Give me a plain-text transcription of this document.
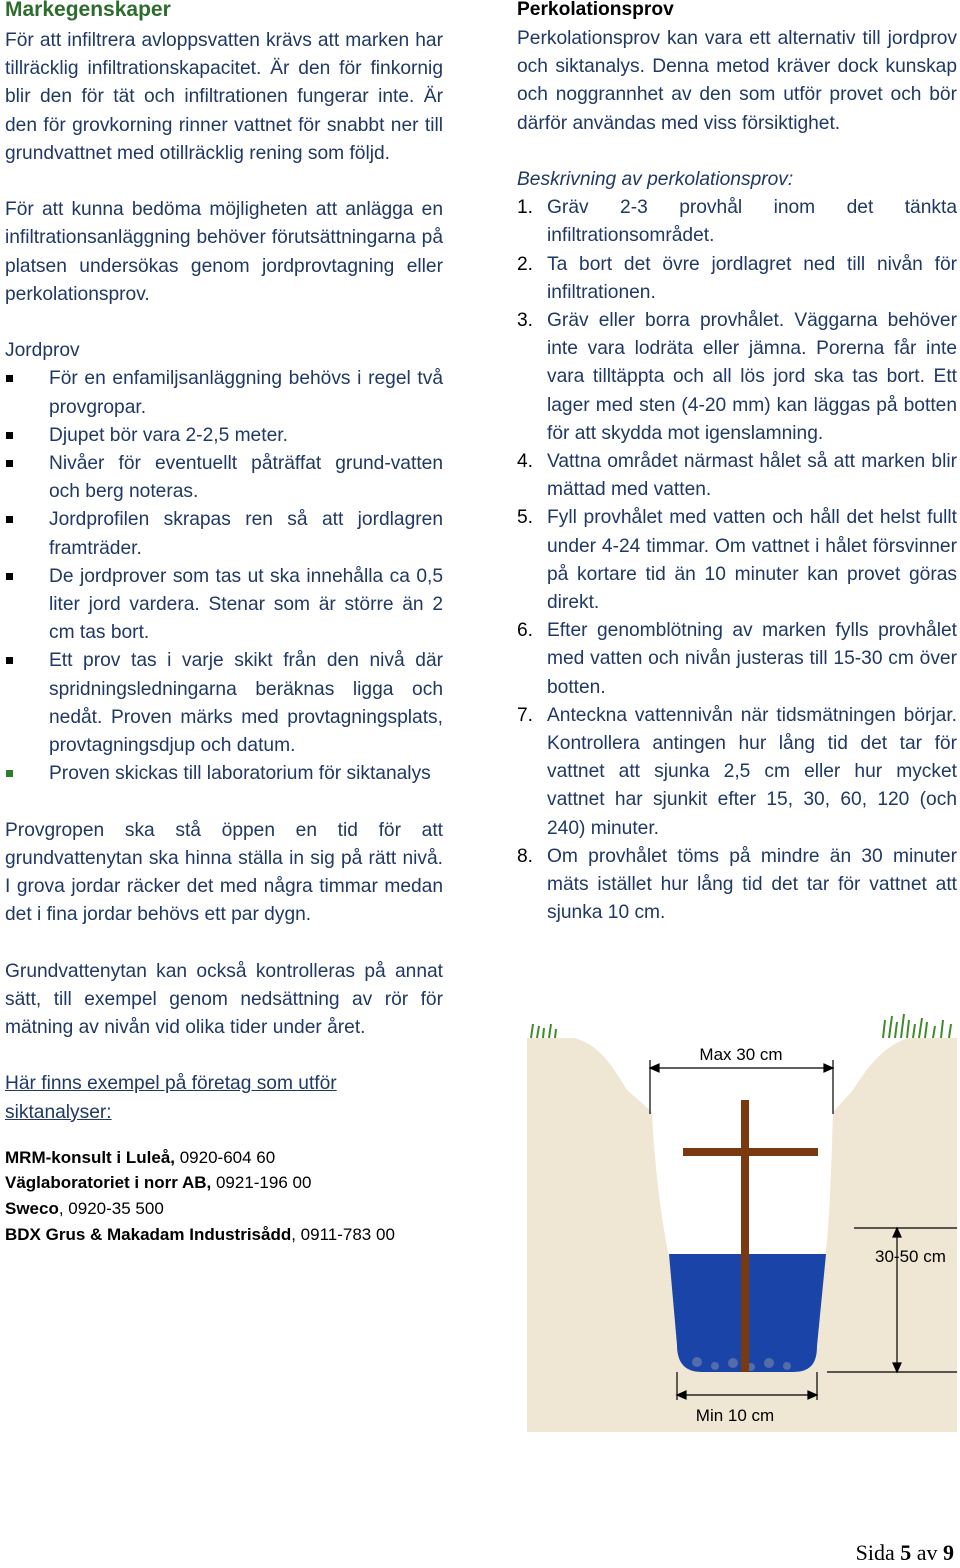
Markegenskaper

För att infiltrera avloppsvatten krävs att marken har tillräcklig infiltrationskapacitet. Är den för finkornig blir den för tät och infiltrationen fungerar inte. Är den för grovkorning rinner vattnet för snabbt ner till grundvattnet med otillräcklig rening som följd.

För att kunna bedöma möjligheten att anlägga en infiltrationsanläggning behöver förutsättningarna på platsen undersökas genom jordprovtagning eller perkolationsprov.

Jordprov

För en enfamiljsanläggning behövs i regel två provgropar.
Djupet bör vara 2-2,5 meter.
Nivåer för eventuellt påträffat grund-vatten och berg noteras.
Jordprofilen skrapas ren så att jordlagren framträder.
De jordprover som tas ut ska innehålla ca 0,5 liter jord vardera. Stenar som är större än 2 cm tas bort.
Ett prov tas i varje skikt från den nivå där spridningsledningarna beräknas ligga och nedåt. Proven märks med provtagningsplats, provtagningsdjup och datum.
Proven skickas till laboratorium för siktanalys

Provgropen ska stå öppen en tid för att grundvattenytan ska hinna ställa in sig på rätt nivå. I grova jordar räcker det med några timmar medan det i fina jordar behövs ett par dygn.

Grundvattenytan kan också kontrolleras på annat sätt, till exempel genom nedsättning av rör för mätning av nivån vid olika tider under året.

Här finns exempel på företag som utför siktanalyser:

MRM-konsult i Luleå, 0920-604 60
Väglaboratoriet i norr AB, 0921-196 00
Sweco, 0920-35 500
BDX Grus & Makadam Industrisådd, 0911-783 00
Perkolationsprov

Perkolationsprov kan vara ett alternativ till jordprov och siktanalys. Denna metod kräver dock kunskap och noggrannhet av den som utför provet och bör därför användas med viss försiktighet.

Beskrivning av perkolationsprov:

1. Gräv 2-3 provhål inom det tänkta infiltrationsområdet.
2. Ta bort det övre jordlagret ned till nivån för infiltrationen.
3. Gräv eller borra provhålet. Väggarna behöver inte vara lodräta eller jämna. Porerna får inte vara tilltäppta och all lös jord ska tas bort. Ett lager med sten (4-20 mm) kan läggas på botten för att skydda mot igenslamning.
4. Vattna området närmast hålet så att marken blir mättad med vatten.
5. Fyll provhålet med vatten och håll det helst fullt under 4-24 timmar. Om vattnet i hålet försvinner på kortare tid än 10 minuter kan provet göras direkt.
6. Efter genomblötning av marken fylls provhålet med vatten och nivån justeras till 15-30 cm över botten.
7. Anteckna vattennivån när tidsmätningen börjar. Kontrollera antingen hur lång tid det tar för vattnet att sjunka 2,5 cm eller hur mycket vattnet har sjunkit efter 15, 30, 60, 120 (och 240) minuter.
8. Om provhålet töms på mindre än 30 minuter mäts istället hur lång tid det tar för vattnet att sjunka 10 cm.
Max 30 cm
30-50 cm
Min 10 cm
Sida 5 av 9
